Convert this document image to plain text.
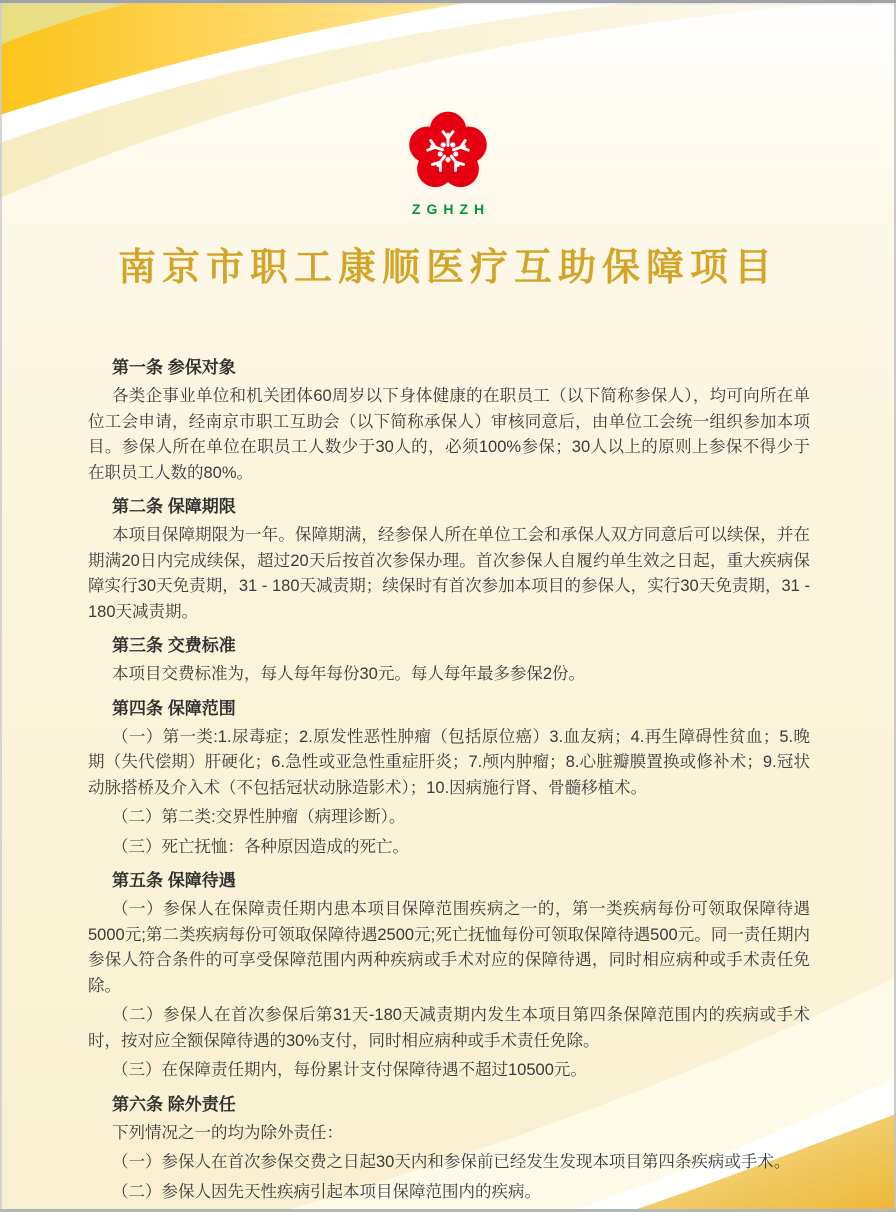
ZGHZH
南京市职工康顺医疗互助保障项目
第一条 参保对象

各类企事业单位和机关团体60周岁以下身体健康的在职员工（以下简称参保人），均可向所在单位工会申请，经南京市职工互助会（以下简称承保人）审核同意后，由单位工会统一组织参加本项目。参保人所在单位在职员工人数少于30人的，必须100%参保；30人以上的原则上参保不得少于在职员工人数的80%。

第二条 保障期限

本项目保障期限为一年。保障期满，经参保人所在单位工会和承保人双方同意后可以续保，并在期满20日内完成续保，超过20天后按首次参保办理。首次参保人自履约单生效之日起，重大疾病保障实行30天免责期，31 - 180天减责期；续保时有首次参加本项目的参保人，实行30天免责期，31 - 180天减责期。

第三条 交费标准

本项目交费标准为，每人每年每份30元。每人每年最多参保2份。

第四条 保障范围

（一）第一类:1.尿毒症；2.原发性恶性肿瘤（包括原位癌）3.血友病；4.再生障碍性贫血；5.晚期（失代偿期）肝硬化；6.急性或亚急性重症肝炎；7.颅内肿瘤；8.心脏瓣膜置换或修补术；9.冠状动脉搭桥及介入术（不包括冠状动脉造影术）；10.因病施行肾、骨髓移植术。

（二）第二类:交界性肿瘤（病理诊断）。

（三）死亡抚恤：各种原因造成的死亡。

第五条 保障待遇

（一）参保人在保障责任期内患本项目保障范围疾病之一的，第一类疾病每份可领取保障待遇5000元;第二类疾病每份可领取保障待遇2500元;死亡抚恤每份可领取保障待遇500元。同一责任期内参保人符合条件的可享受保障范围内两种疾病或手术对应的保障待遇，同时相应病种或手术责任免除。

（二）参保人在首次参保后第31天-180天减责期内发生本项目第四条保障范围内的疾病或手术时，按对应全额保障待遇的30%支付，同时相应病种或手术责任免除。

（三）在保障责任期内，每份累计支付保障待遇不超过10500元。

第六条 除外责任

下列情况之一的均为除外责任：

（一）参保人在首次参保交费之日起30天内和参保前已经发生发现本项目第四条疾病或手术。

（二）参保人因先天性疾病引起本项目保障范围内的疾病。
